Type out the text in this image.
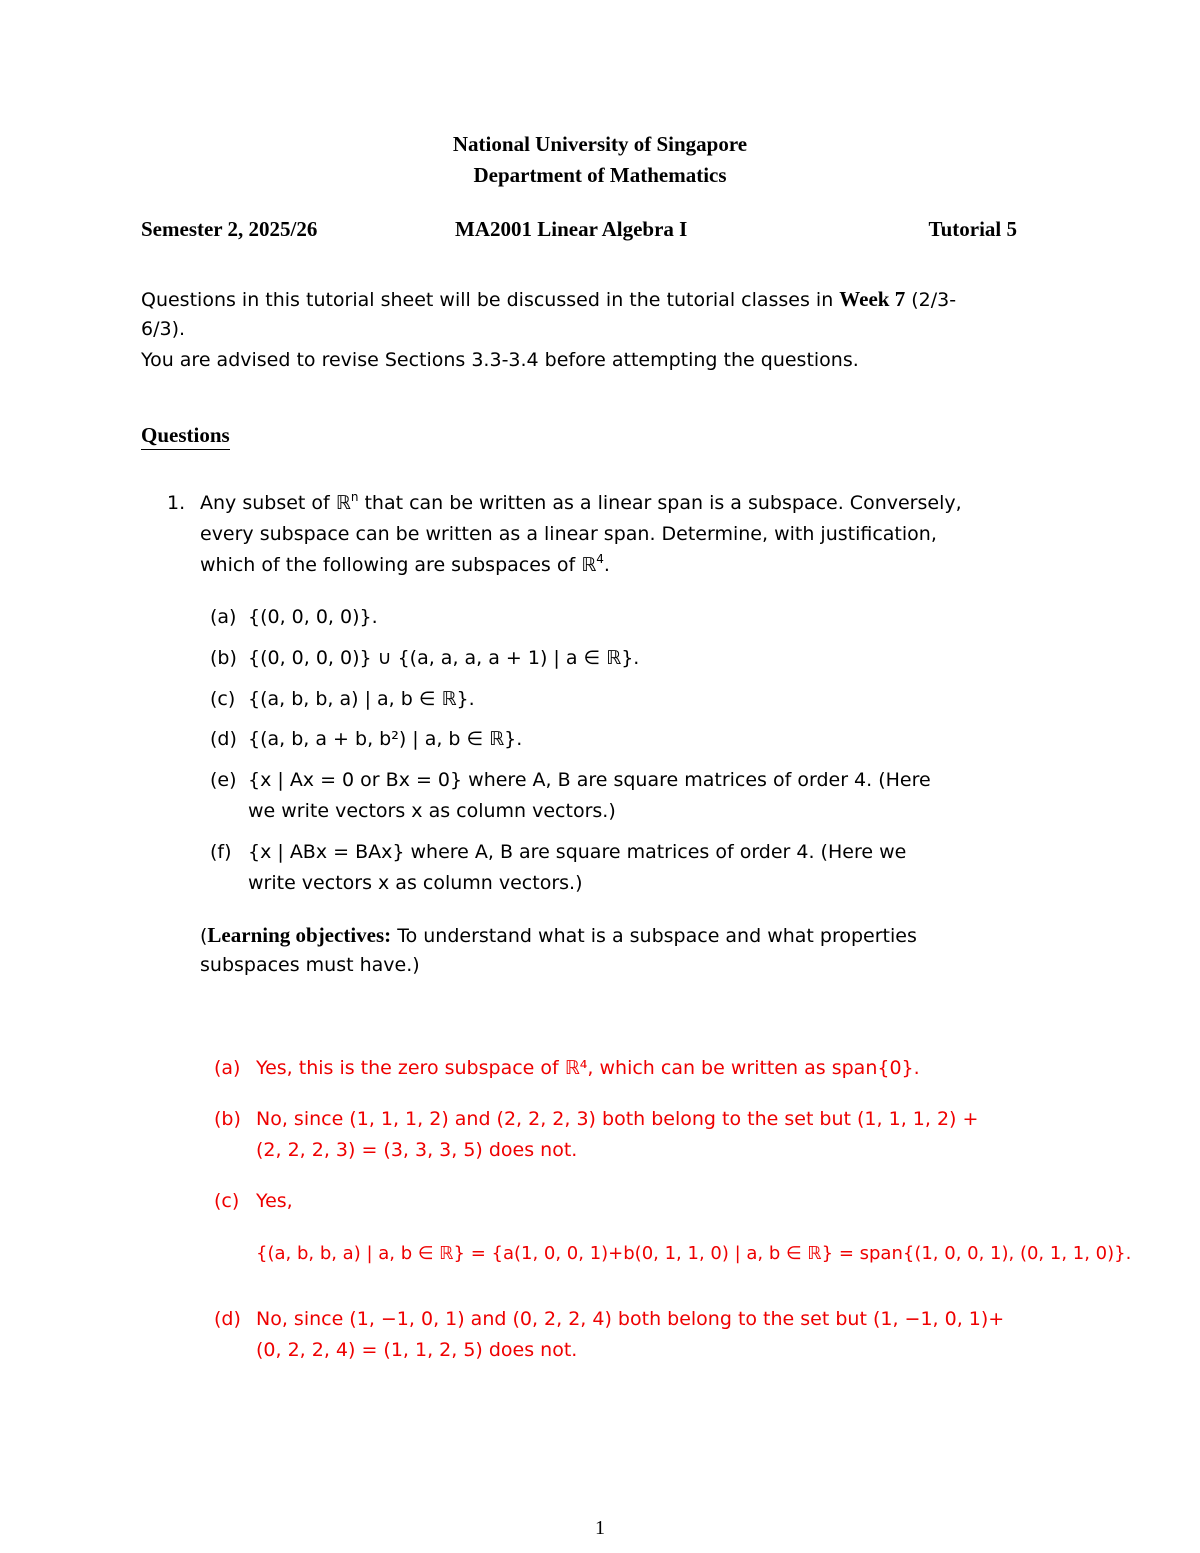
National University of Singapore
Department of Mathematics
Semester 2, 2025/26	MA2001 Linear Algebra I	Tutorial 5
Questions in this tutorial sheet will be discussed in the tutorial classes in Week 7 (2/3-
6/3).
You are advised to revise Sections 3.3-3.4 before attempting the questions.
Questions
1. Any subset of ℝ$^n$ that can be written as a linear span is a subspace. Conversely,
every subspace can be written as a linear span. Determine, with justification,
which of the following are subspaces of ℝ$^4$.
(a) {(0, 0, 0, 0)}.
(b) {(0, 0, 0, 0)} ∪ {(a, a, a, a + 1) | a ∈ ℝ}.
(c) {(a, b, b, a) | a, b ∈ ℝ}.
(d) {(a, b, a + b, b²) | a, b ∈ ℝ}.
(e) {x | Ax = 0 or Bx = 0} where A, B are square matrices of order 4. (Here
we write vectors x as column vectors.)
(f) {x | ABx = BAx} where A, B are square matrices of order 4. (Here we
write vectors x as column vectors.)
(Learning objectives: To understand what is a subspace and what properties
subspaces must have.)
(a) Yes, this is the zero subspace of ℝ⁴, which can be written as span{0}.
(b) No, since (1, 1, 1, 2) and (2, 2, 2, 3) both belong to the set but (1, 1, 1, 2) +
(2, 2, 2, 3) = (3, 3, 3, 5) does not.
(c) Yes,
{(a, b, b, a) | a, b ∈ ℝ} = {a(1, 0, 0, 1)+b(0, 1, 1, 0) | a, b ∈ ℝ} = span{(1, 0, 0, 1), (0, 1, 1, 0)}.
(d) No, since (1, −1, 0, 1) and (0, 2, 2, 4) both belong to the set but (1, −1, 0, 1)+
(0, 2, 2, 4) = (1, 1, 2, 5) does not.
1
